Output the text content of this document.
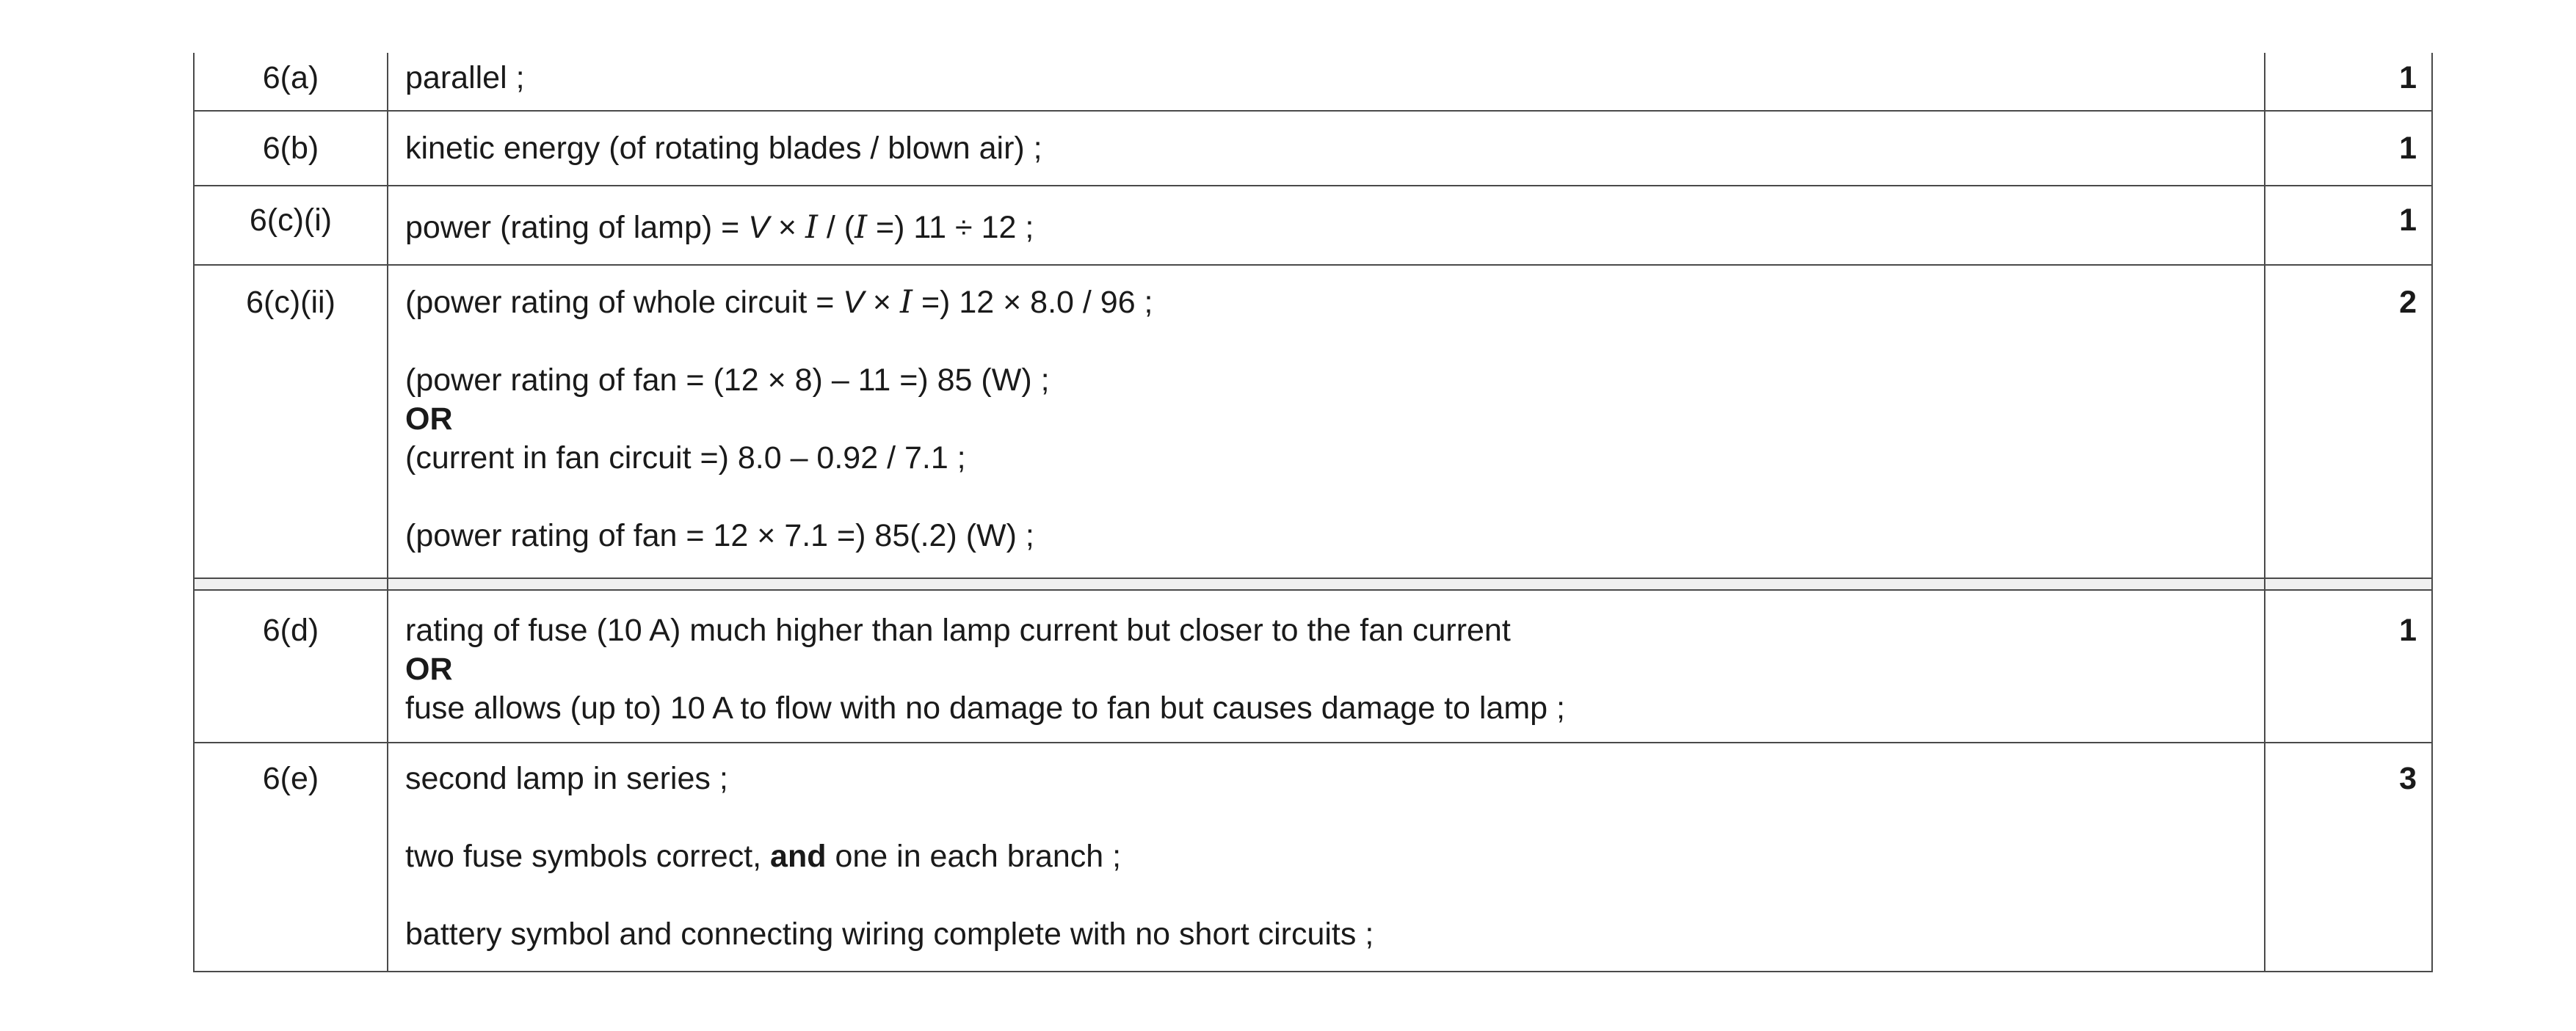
6(a)	parallel ;	1
6(b)	kinetic energy (of rotating blades / blown air) ;	1
6(c)(i)	power (rating of lamp) = V × I / (I =) 11 ÷ 12 ;	1
6(c)(ii)	(power rating of whole circuit = V × I =) 12 × 8.0 / 96 ;
(power rating of fan = (12 × 8) – 11 =) 85 (W) ;
OR
(current in fan circuit =) 8.0 – 0.92 / 7.1 ;
(power rating of fan = 12 × 7.1 =) 85(.2) (W) ;	2

6(d)	rating of fuse (10 A) much higher than lamp current but closer to the fan current
OR
fuse allows (up to) 10 A to flow with no damage to fan but causes damage to lamp ;	1
6(e)	second lamp in series ;
two fuse symbols correct, and one in each branch ;
battery symbol and connecting wiring complete with no short circuits ;	3
